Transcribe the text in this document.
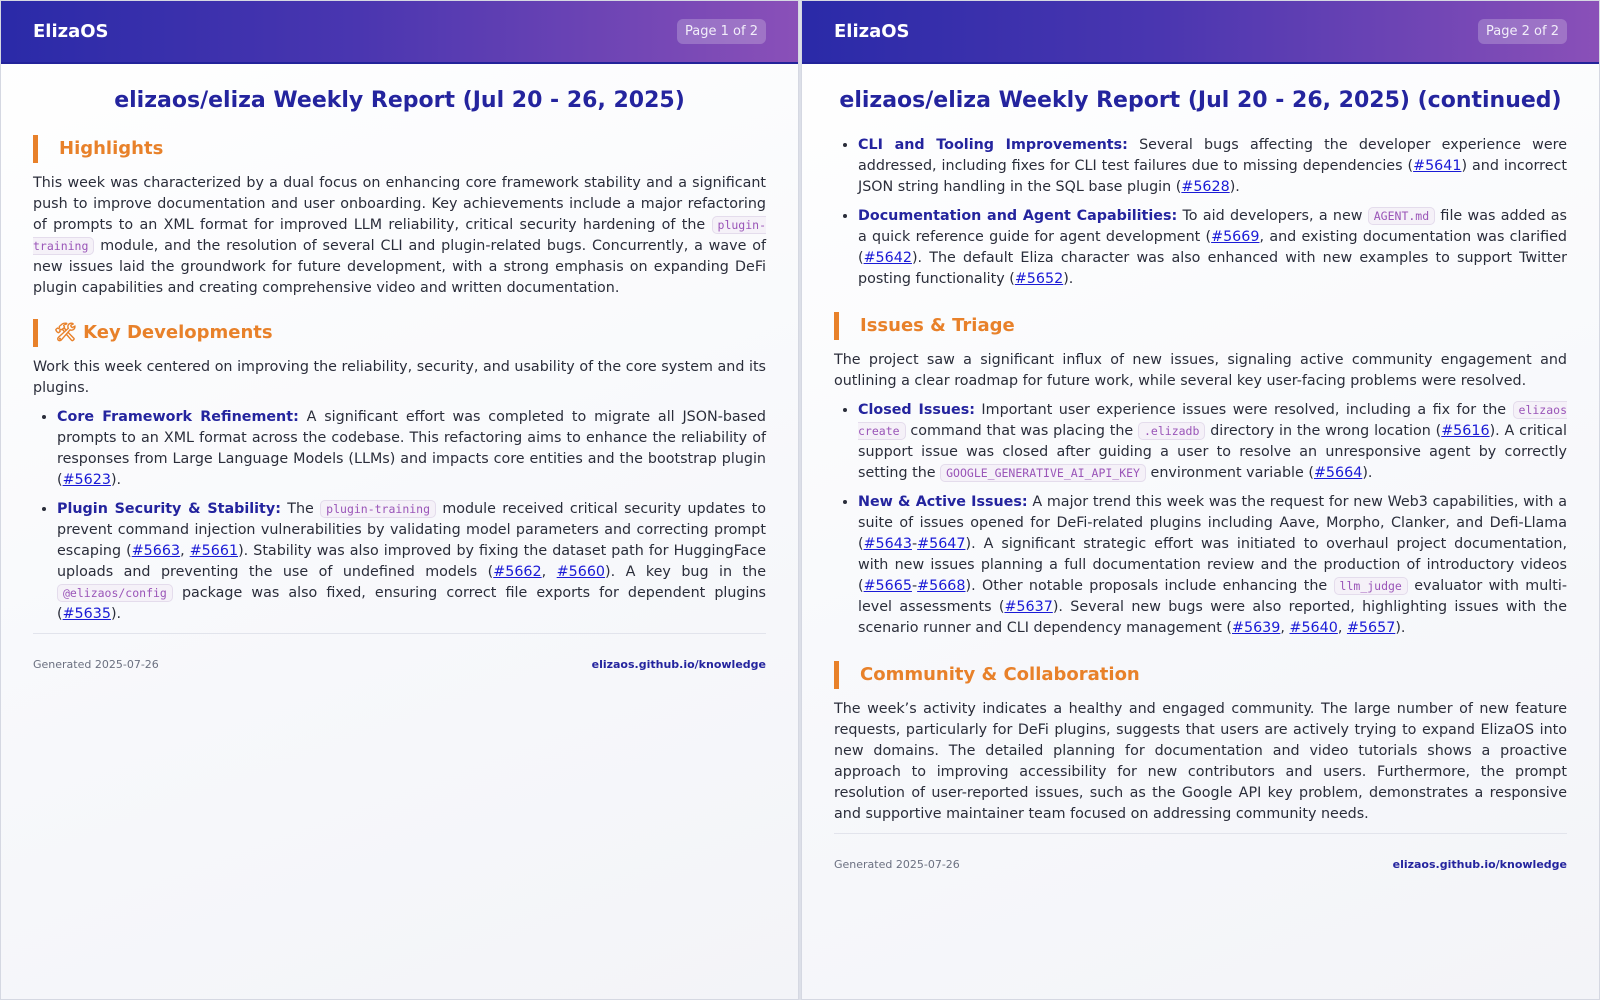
ElizaOS	Page 1 of 2
elizaos/eliza Weekly Report (Jul 20 - 26, 2025)
Highlights

This week was characterized by a dual focus on enhancing core framework stability and a significant push to improve documentation and user onboarding. Key achievements include a major refactoring of prompts to an XML format for improved LLM reliability, critical security hardening of the plugin-training module, and the resolution of several CLI and plugin-related bugs. Concurrently, a wave of new issues laid the groundwork for future development, with a strong emphasis on expanding DeFi plugin capabilities and creating comprehensive video and written documentation.

🛠 Key Developments

Work this week centered on improving the reliability, security, and usability of the core system and its plugins.

• Core Framework Refinement: A significant effort was completed to migrate all JSON-based prompts to an XML format across the codebase. This refactoring aims to enhance the reliability of responses from Large Language Models (LLMs) and impacts core entities and the bootstrap plugin (#5623).
• Plugin Security & Stability: The plugin-training module received critical security updates to prevent command injection vulnerabilities by validating model parameters and correcting prompt escaping (#5663, #5661). Stability was also improved by fixing the dataset path for HuggingFace uploads and preventing the use of undefined models (#5662, #5660). A key bug in the @elizaos/config package was also fixed, ensuring correct file exports for dependent plugins (#5635).
Generated 2025-07-26	elizaos.github.io/knowledge
ElizaOS	Page 2 of 2
elizaos/eliza Weekly Report (Jul 20 - 26, 2025) (continued)
• CLI and Tooling Improvements: Several bugs affecting the developer experience were addressed, including fixes for CLI test failures due to missing dependencies (#5641) and incorrect JSON string handling in the SQL base plugin (#5628).
• Documentation and Agent Capabilities: To aid developers, a new AGENT.md file was added as a quick reference guide for agent development (#5669, and existing documentation was clarified (#5642). The default Eliza character was also enhanced with new examples to support Twitter posting functionality (#5652).
Issues & Triage

The project saw a significant influx of new issues, signaling active community engagement and outlining a clear roadmap for future work, while several key user-facing problems were resolved.

• Closed Issues: Important user experience issues were resolved, including a fix for the elizaos create command that was placing the .elizadb directory in the wrong location (#5616). A critical support issue was closed after guiding a user to resolve an unresponsive agent by correctly setting the GOOGLE_GENERATIVE_AI_API_KEY environment variable (#5664).
• New & Active Issues: A major trend this week was the request for new Web3 capabilities, with a suite of issues opened for DeFi-related plugins including Aave, Morpho, Clanker, and Defi-Llama (#5643-#5647). A significant strategic effort was initiated to overhaul project documentation, with new issues planning a full documentation review and the production of introductory videos (#5665-#5668). Other notable proposals include enhancing the llm_judge evaluator with multi-level assessments (#5637). Several new bugs were also reported, highlighting issues with the scenario runner and CLI dependency management (#5639, #5640, #5657).
Community & Collaboration

The week’s activity indicates a healthy and engaged community. The large number of new feature requests, particularly for DeFi plugins, suggests that users are actively trying to expand ElizaOS into new domains. The detailed planning for documentation and video tutorials shows a proactive approach to improving accessibility for new contributors and users. Furthermore, the prompt resolution of user-reported issues, such as the Google API key problem, demonstrates a responsive and supportive maintainer team focused on addressing community needs.

Generated 2025-07-26	elizaos.github.io/knowledge
